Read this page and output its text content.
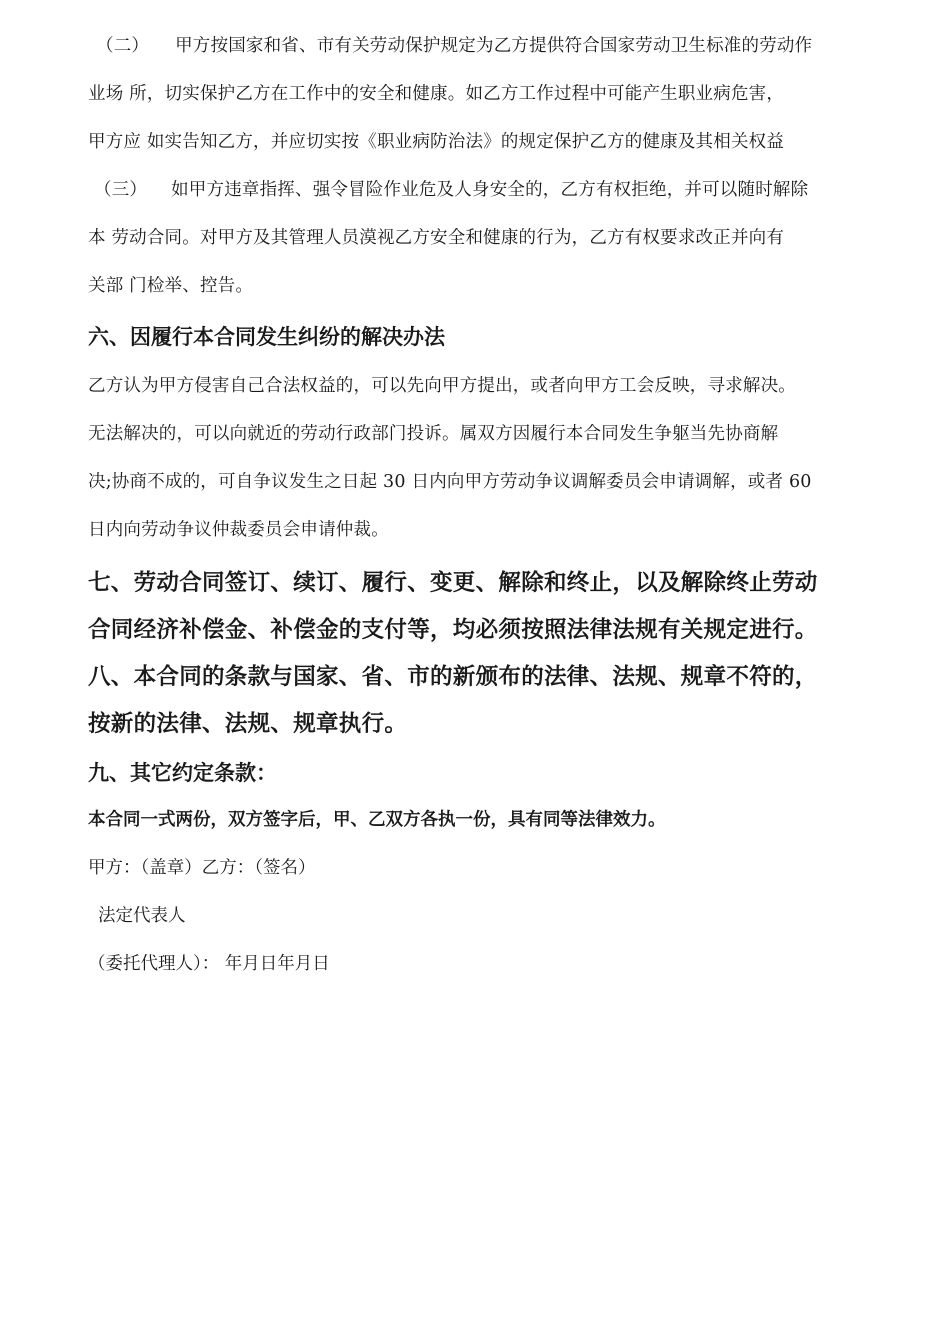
（二） 甲方按国家和省、市有关劳动保护规定为乙方提供符合国家劳动卫生标准的劳动作
业场 所，切实保护乙方在工作中的安全和健康。如乙方工作过程中可能产生职业病危害，
甲方应 如实告知乙方，并应切实按《职业病防治法》的规定保护乙方的健康及其相关权益
（三） 如甲方违章指挥、强令冒险作业危及人身安全的，乙方有权拒绝，并可以随时解除
本 劳动合同。对甲方及其管理人员漠视乙方安全和健康的行为，乙方有权要求改正并向有
关部 门检举、控告。
六、因履行本合同发生纠纷的解决办法
乙方认为甲方侵害自己合法权益的，可以先向甲方提出，或者向甲方工会反映，寻求解决。
无法解决的，可以向就近的劳动行政部门投诉。属双方因履行本合同发生争躯当先协商解
决;协商不成的，可自争议发生之日起 30 日内向甲方劳动争议调解委员会申请调解，或者 60
日内向劳动争议仲裁委员会申请仲裁。
七、劳动合同签订、续订、履行、变更、解除和终止，以及解除终止劳动
合同经济补偿金、补偿金的支付等，均必须按照法律法规有关规定进行。
八、本合同的条款与国家、省、市的新颁布的法律、法规、规章不符的，
按新的法律、法规、规章执行。
九、其它约定条款：
本合同一式两份，双方签字后，甲、乙双方各执一份，具有同等法律效力。
甲方：（盖章）乙方：（签名）
法定代表人
（委托代理人）： 年月日年月日
